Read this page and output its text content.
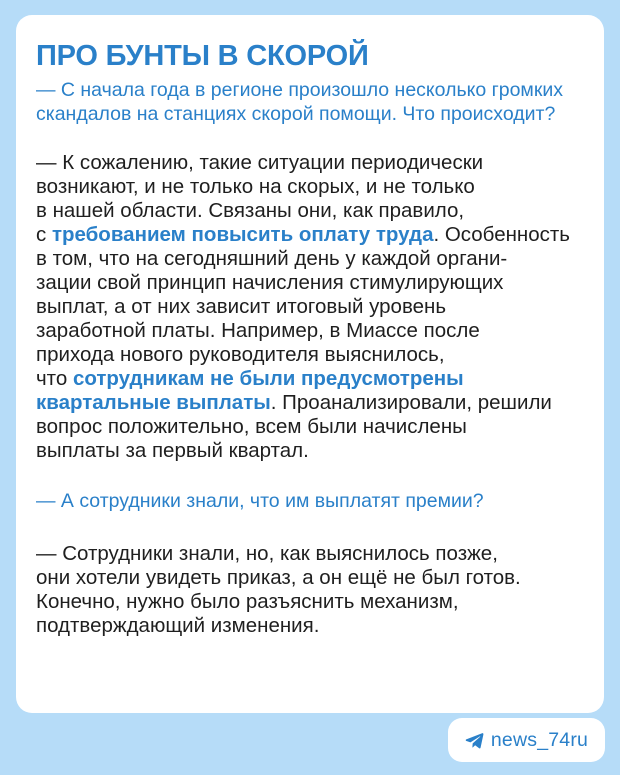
ПРО БУНТЫ В СКОРОЙ

— С начала года в регионе произошло несколько громких
скандалов на станциях скорой помощи. Что происходит?

— К сожалению, такие ситуации периодически
возникают, и не только на скорых, и не только
в нашей области. Связаны они, как правило,
с требованием повысить оплату труда. Особенность
в том, что на сегодняшний день у каждой органи-
зации свой принцип начисления стимулирующих
выплат, а от них зависит итоговый уровень
заработной платы. Например, в Миассе после
прихода нового руководителя выяснилось,
что сотрудникам не были предусмотрены
квартальные выплаты. Проанализировали, решили
вопрос положительно, всем были начислены
выплаты за первый квартал.

— А сотрудники знали, что им выплатят премии?

— Сотрудники знали, но, как выяснилось позже,
они хотели увидеть приказ, а он ещё не был готов.
Конечно, нужно было разъяснить механизм,
подтверждающий изменения.

news_74ru
